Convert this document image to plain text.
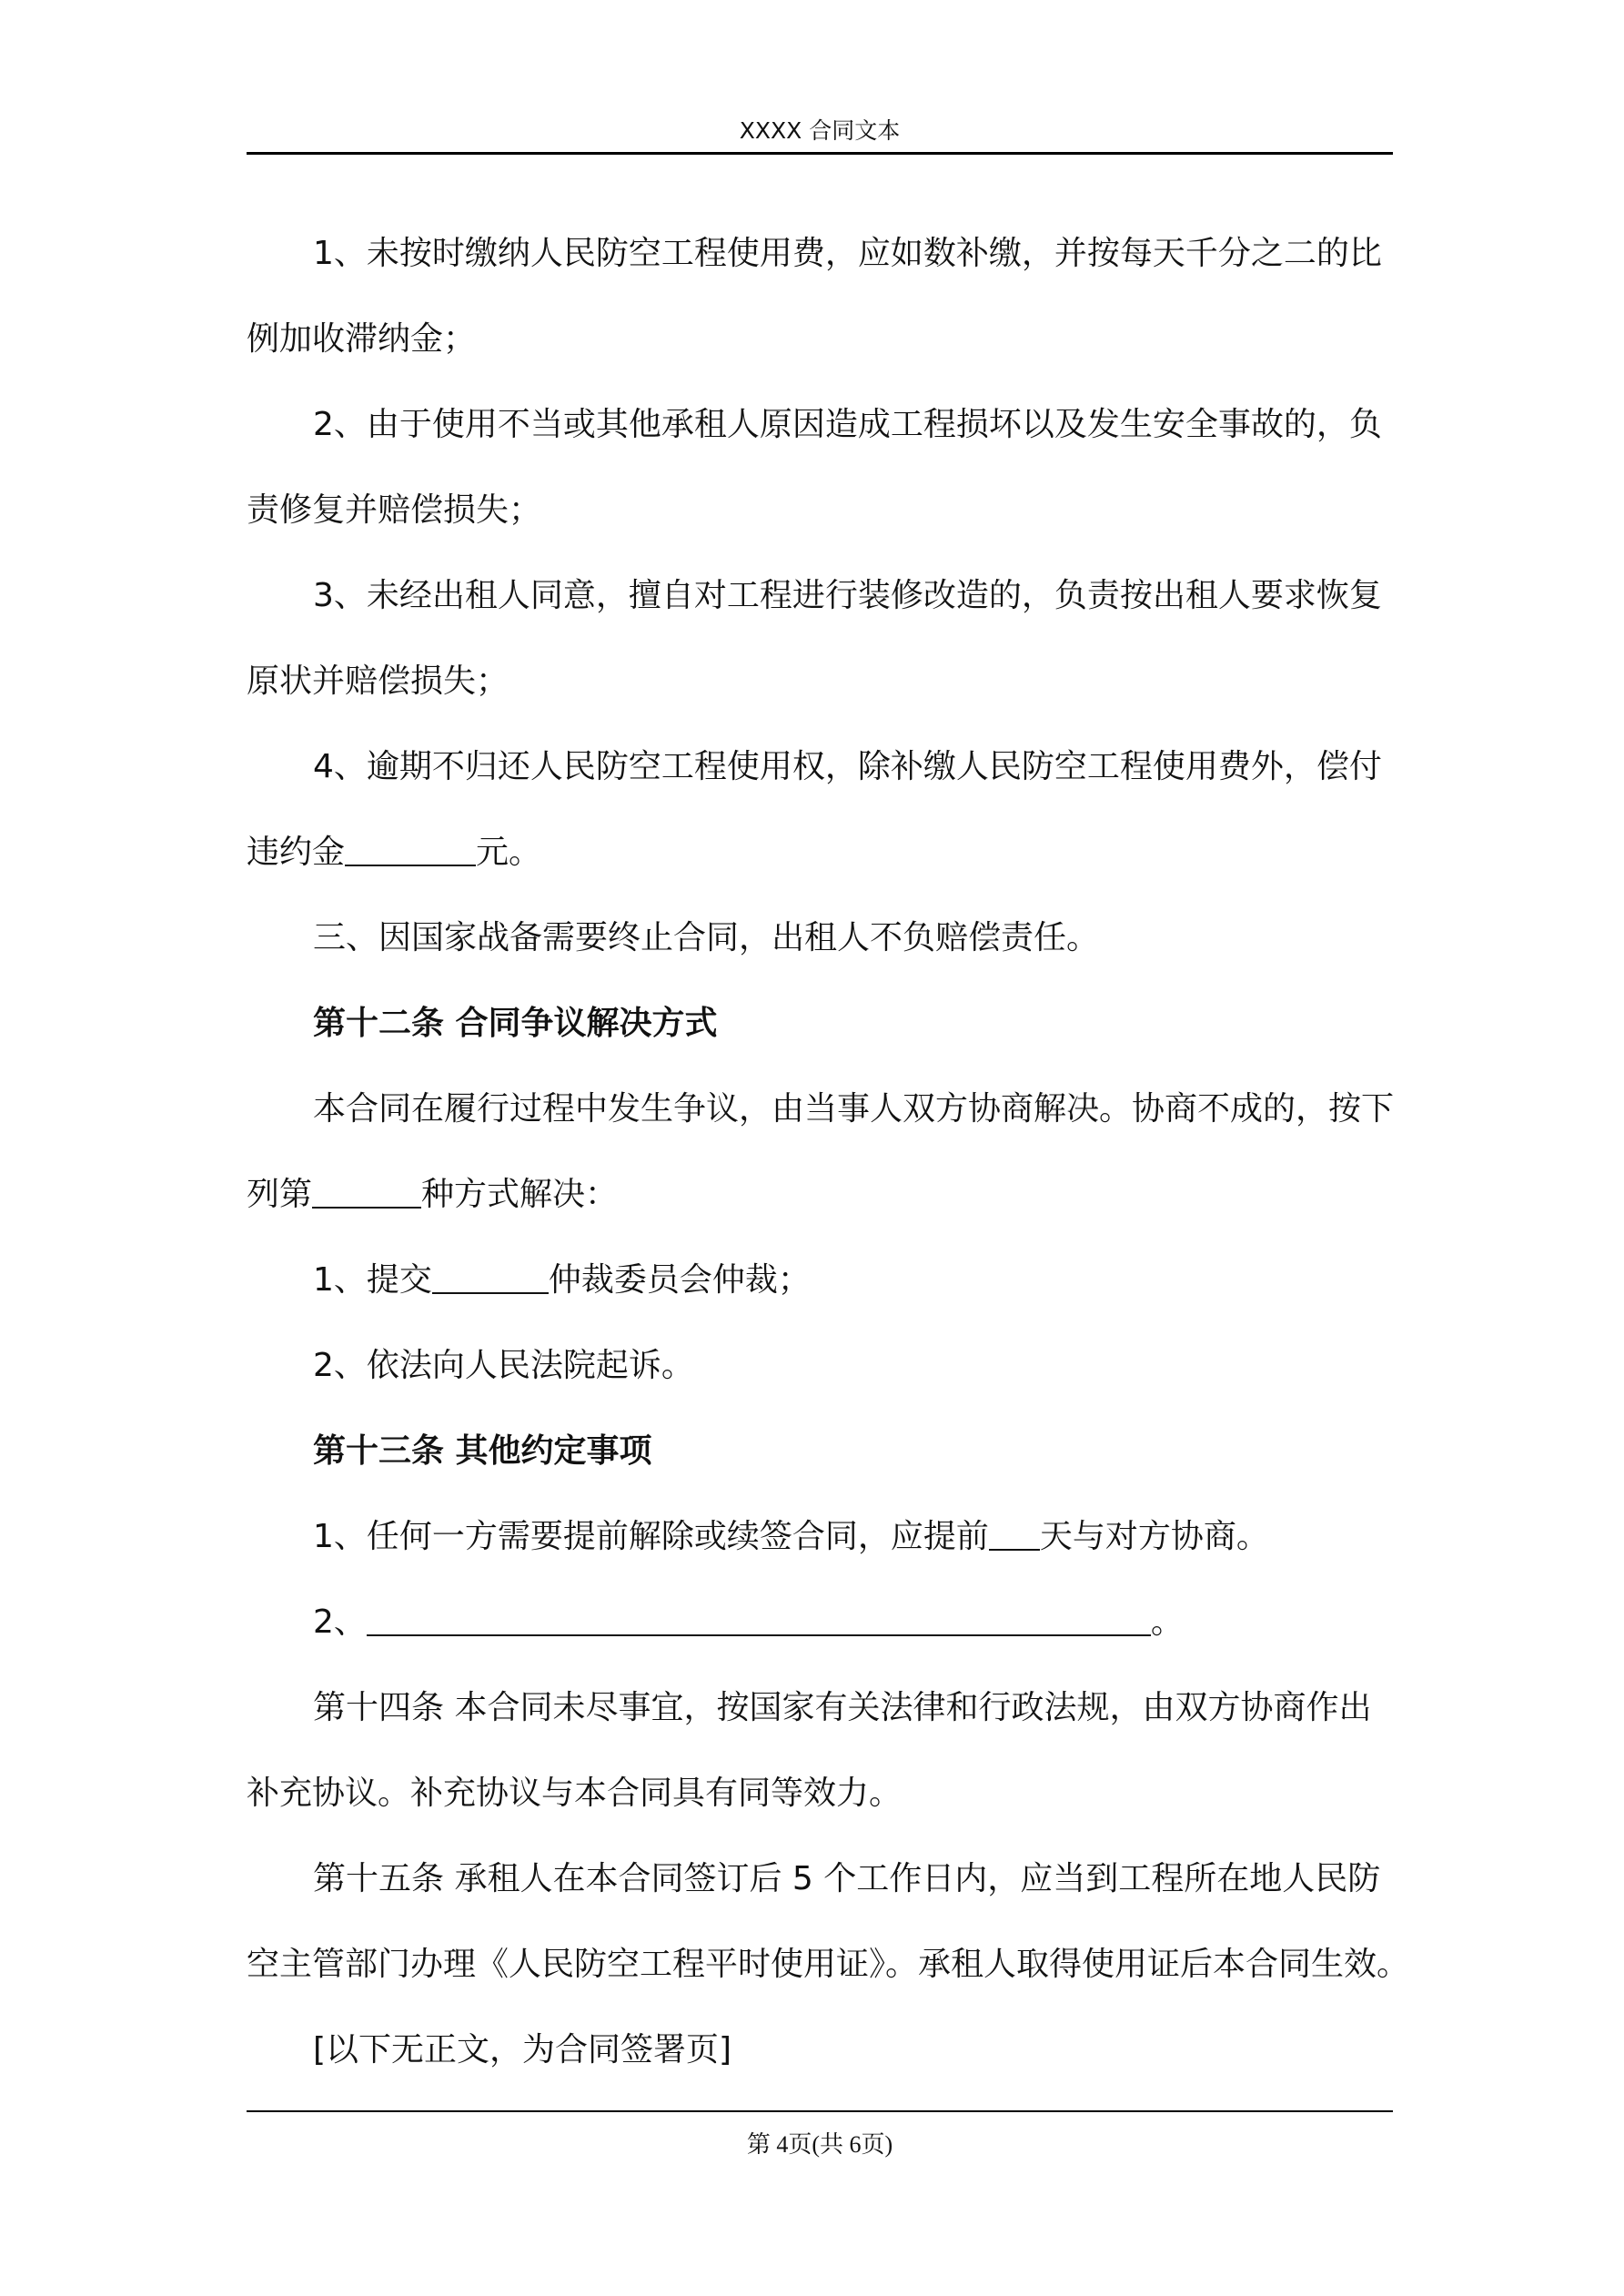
XXXX 合同文本

1、未按时缴纳人民防空工程使用费，应如数补缴，并按每天千分之二的比

例加收滞纳金；

2、由于使用不当或其他承租人原因造成工程损坏以及发生安全事故的，负

责修复并赔偿损失；

3、未经出租人同意，擅自对工程进行装修改造的，负责按出租人要求恢复

原状并赔偿损失；

4、逾期不归还人民防空工程使用权，除补缴人民防空工程使用费外，偿付

违约金	元。

三、因国家战备需要终止合同，出租人不负赔偿责任。

第十二条 合同争议解决方式

本合同在履行过程中发生争议，由当事人双方协商解决。协商不成的，按下

列第	种方式解决：

1、提交	仲裁委员会仲裁；

2、依法向人民法院起诉。

第十三条 其他约定事项

1、任何一方需要提前解除或续签合同，应提前 天与对方协商。

2、	。

第十四条 本合同未尽事宜，按国家有关法律和行政法规，由双方协商作出

补充协议。补充协议与本合同具有同等效力。

第十五条 承租人在本合同签订后 5 个工作日内，应当到工程所在地人民防

空主管部门办理《人民防空工程平时使用证》。承租人取得使用证后本合同生效。

[以下无正文，为合同签署页]

第 4页(共 6页)
